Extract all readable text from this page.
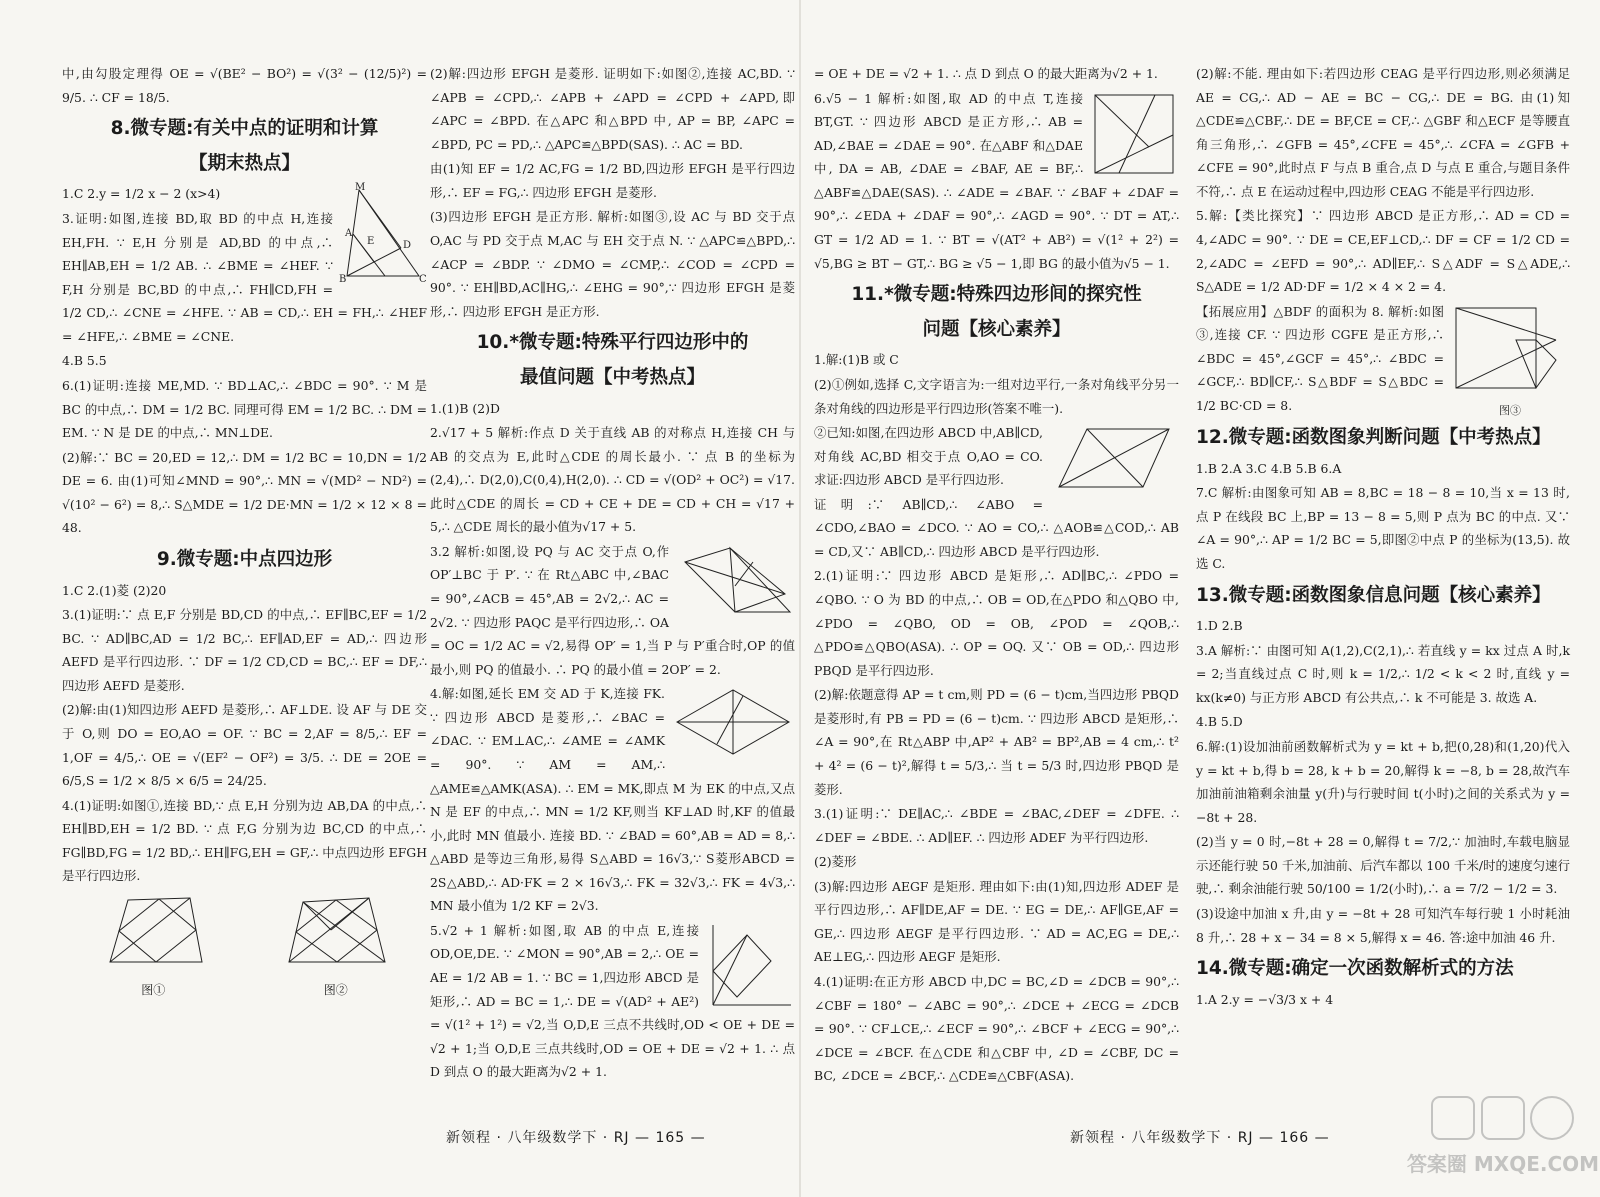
中,由勾股定理得 OE = √(BE² − BO²) = √(3² − (12/5)²) = 9/5. ∴ CF = 18/5.
8.微专题:有关中点的证明和计算
【期末热点】
M
B	C
D
A
E
1.C 2.y = 1/2 x − 2 (x>4)
3.证明:如图,连接 BD,取 BD 的中点 H,连接 EH,FH. ∵ E,H 分别是 AD,BD 的中点,∴ EH∥AB,EH = 1/2 AB. ∴ ∠BME = ∠HEF. ∵ F,H 分别是 BC,BD 的中点,∴ FH∥CD,FH = 1/2 CD,∴ ∠CNE = ∠HFE. ∵ AB = CD,∴ EH = FH,∴ ∠HEF = ∠HFE,∴ ∠BME = ∠CNE.
4.B 5.5
6.(1)证明:连接 ME,MD. ∵ BD⊥AC,∴ ∠BDC = 90°. ∵ M 是 BC 的中点,∴ DM = 1/2 BC. 同理可得 EM = 1/2 BC. ∴ DM = EM. ∵ N 是 DE 的中点,∴ MN⊥DE.
(2)解:∵ BC = 20,ED = 12,∴ DM = 1/2 BC = 10,DN = 1/2 DE = 6. 由(1)可知∠MND = 90°,∴ MN = √(MD² − ND²) = √(10² − 6²) = 8,∴ S△MDE = 1/2 DE·MN = 1/2 × 12 × 8 = 48.
9.微专题:中点四边形
1.C 2.(1)菱 (2)20
3.(1)证明:∵ 点 E,F 分别是 BD,CD 的中点,∴ EF∥BC,EF = 1/2 BC. ∵ AD∥BC,AD = 1/2 BC,∴ EF∥AD,EF = AD,∴ 四边形 AEFD 是平行四边形. ∵ DF = 1/2 CD,CD = BC,∴ EF = DF,∴ 四边形 AEFD 是菱形.
(2)解:由(1)知四边形 AEFD 是菱形,∴ AF⊥DE. 设 AF 与 DE 交于 O,则 DO = EO,AO = OF. ∵ BC = 2,AF = 8/5,∴ EF = 1,OF = 4/5,∴ OE = √(EF² − OF²) = 3/5. ∴ DE = 2OE = 6/5,S = 1/2 × 8/5 × 6/5 = 24/25.
4.(1)证明:如图①,连接 BD,∵ 点 E,H 分别为边 AB,DA 的中点,∴ EH∥BD,EH = 1/2 BD. ∵ 点 F,G 分别为边 BC,CD 的中点,∴ FG∥BD,FG = 1/2 BD,∴ EH∥FG,EH = GF,∴ 中点四边形 EFGH 是平行四边形.
图①	图②
(2)解:四边形 EFGH 是菱形. 证明如下:如图②,连接 AC,BD. ∵ ∠APB = ∠CPD,∴ ∠APB + ∠APD = ∠CPD + ∠APD,即∠APC = ∠BPD. 在△APC 和△BPD 中, AP = BP, ∠APC = ∠BPD, PC = PD,∴ △APC≌△BPD(SAS). ∴ AC = BD.
由(1)知 EF = 1/2 AC,FG = 1/2 BD,四边形 EFGH 是平行四边形,∴ EF = FG,∴ 四边形 EFGH 是菱形.
(3)四边形 EFGH 是正方形. 解析:如图③,设 AC 与 BD 交于点 O,AC 与 PD 交于点 M,AC 与 EH 交于点 N. ∵ △APC≌△BPD,∴ ∠ACP = ∠BDP. ∵ ∠DMO = ∠CMP,∴ ∠COD = ∠CPD = 90°. ∵ EH∥BD,AC∥HG,∴ ∠EHG = 90°,∵ 四边形 EFGH 是菱形,∴ 四边形 EFGH 是正方形.
10.*微专题:特殊平行四边形中的
最值问题【中考热点】
1.(1)B (2)D
2.√17 + 5 解析:作点 D 关于直线 AB 的对称点 H,连接 CH 与 AB 的交点为 E,此时△CDE 的周长最小. ∵ 点 B 的坐标为(2,4),∴ D(2,0),C(0,4),H(2,0). ∴ CD = √(OD² + OC²) = √17. 此时△CDE 的周长 = CD + CE + DE = CD + CH = √17 + 5,∴ △CDE 周长的最小值为√17 + 5.
3.2 解析:如图,设 PQ 与 AC 交于点 O,作 OP′⊥BC 于 P′. ∵ 在 Rt△ABC 中,∠BAC = 90°,∠ACB = 45°,AB = 2√2,∴ AC = 2√2. ∵ 四边形 PAQC 是平行四边形,∴ OA = OC = 1/2 AC = √2,易得 OP′ = 1,当 P 与 P′重合时,OP 的值最小,则 PQ 的值最小. ∴ PQ 的最小值 = 2OP′ = 2.
4.解:如图,延长 EM 交 AD 于 K,连接 FK. ∵ 四边形 ABCD 是菱形,∴ ∠BAC = ∠DAC. ∵ EM⊥AC,∴ ∠AME = ∠AMK = 90°. ∵ AM = AM,∴ △AME≌△AMK(ASA). ∴ EM = MK,即点 M 为 EK 的中点,又点 N 是 EF 的中点,∴ MN = 1/2 KF,则当 KF⊥AD 时,KF 的值最小,此时 MN 值最小. 连接 BD. ∵ ∠BAD = 60°,AB = AD = 8,∴ △ABD 是等边三角形,易得 S△ABD = 16√3,∵ S菱形ABCD = 2S△ABD,∴ AD·FK = 2 × 16√3,∴ FK = 32√3,∴ FK = 4√3,∴ MN 最小值为 1/2 KF = 2√3.
5.√2 + 1 解析:如图,取 AB 的中点 E,连接 OD,OE,DE. ∵ ∠MON = 90°,AB = 2,∴ OE = AE = 1/2 AB = 1. ∵ BC = 1,四边形 ABCD 是矩形,∴ AD = BC = 1,∴ DE = √(AD² + AE²) = √(1² + 1²) = √2,当 O,D,E 三点不共线时,OD < OE + DE = √2 + 1;当 O,D,E 三点共线时,OD = OE + DE = √2 + 1. ∴ 点 D 到点 O 的最大距离为√2 + 1.
新领程 · 八年级数学下 · RJ — 165 —
= OE + DE = √2 + 1. ∴ 点 D 到点 O 的最大距离为√2 + 1.
6.√5 − 1 解析:如图,取 AD 的中点 T,连接 BT,GT. ∵ 四边形 ABCD 是正方形,∴ AB = AD,∠BAE = ∠DAE = 90°. 在△ABF 和△DAE 中, DA = AB, ∠DAE = ∠BAF, AE = BF,∴ △ABF≌△DAE(SAS). ∴ ∠ADE = ∠BAF. ∵ ∠BAF + ∠DAF = 90°,∴ ∠EDA + ∠DAF = 90°,∴ ∠AGD = 90°. ∵ DT = AT,∴ GT = 1/2 AD = 1. ∵ BT = √(AT² + AB²) = √(1² + 2²) = √5,BG ≥ BT − GT,∴ BG ≥ √5 − 1,即 BG 的最小值为√5 − 1.
11.*微专题:特殊四边形间的探究性
问题【核心素养】
1.解:(1)B 或 C
(2)①例如,选择 C,文字语言为:一组对边平行,一条对角线平分另一条对角线的四边形是平行四边形(答案不唯一).
②已知:如图,在四边形 ABCD 中,AB∥CD,对角线 AC,BD 相交于点 O,AO = CO. 求证:四边形 ABCD 是平行四边形.
证明:∵ AB∥CD,∴ ∠ABO = ∠CDO,∠BAO = ∠DCO. ∵ AO = CO,∴ △AOB≌△COD,∴ AB = CD,又∵ AB∥CD,∴ 四边形 ABCD 是平行四边形.
2.(1)证明:∵ 四边形 ABCD 是矩形,∴ AD∥BC,∴ ∠PDO = ∠QBO. ∵ O 为 BD 的中点,∴ OB = OD,在△PDO 和△QBO 中, ∠PDO = ∠QBO, OD = OB, ∠POD = ∠QOB,∴ △PDO≌△QBO(ASA). ∴ OP = OQ. 又∵ OB = OD,∴ 四边形 PBQD 是平行四边形.
(2)解:依题意得 AP = t cm,则 PD = (6 − t)cm,当四边形 PBQD 是菱形时,有 PB = PD = (6 − t)cm. ∵ 四边形 ABCD 是矩形,∴ ∠A = 90°,在 Rt△ABP 中,AP² + AB² = BP²,AB = 4 cm,∴ t² + 4² = (6 − t)²,解得 t = 5/3,∴ 当 t = 5/3 时,四边形 PBQD 是菱形.
3.(1)证明:∵ DE∥AC,∴ ∠BDE = ∠BAC,∠DEF = ∠DFE. ∴ ∠DEF = ∠BDE. ∴ AD∥EF. ∴ 四边形 ADEF 为平行四边形.
(2)菱形
(3)解:四边形 AEGF 是矩形. 理由如下:由(1)知,四边形 ADEF 是平行四边形,∴ AF∥DE,AF = DE. ∵ EG = DE,∴ AF∥GE,AF = GE,∴ 四边形 AEGF 是平行四边形. ∵ AD = AC,EG = DE,∴ AE⊥EG,∴ 四边形 AEGF 是矩形.
4.(1)证明:在正方形 ABCD 中,DC = BC,∠D = ∠DCB = 90°,∴ ∠CBF = 180° − ∠ABC = 90°,∴ ∠DCE + ∠ECG = ∠DCB = 90°. ∵ CF⊥CE,∴ ∠ECF = 90°,∴ ∠BCF + ∠ECG = 90°,∴ ∠DCE = ∠BCF. 在△CDE 和△CBF 中, ∠D = ∠CBF, DC = BC, ∠DCE = ∠BCF,∴ △CDE≌△CBF(ASA).
(2)解:不能. 理由如下:若四边形 CEAG 是平行四边形,则必须满足 AE = CG,∴ AD − AE = BC − CG,∴ DE = BG. 由(1)知△CDE≌△CBF,∴ DE = BF,CE = CF,∴ △GBF 和△ECF 是等腰直角三角形,∴ ∠GFB = 45°,∠CFE = 45°,∴ ∠CFA = ∠GFB + ∠CFE = 90°,此时点 F 与点 B 重合,点 D 与点 E 重合,与题目条件不符,∴ 点 E 在运动过程中,四边形 CEAG 不能是平行四边形.
5.解:【类比探究】∵ 四边形 ABCD 是正方形,∴ AD = CD = 4,∠ADC = 90°. ∵ DE = CE,EF⊥CD,∴ DF = CF = 1/2 CD = 2,∠ADC = ∠EFD = 90°,∴ AD∥EF,∴ S△ADF = S△ADE,∴ S△ADE = 1/2 AD·DF = 1/2 × 4 × 2 = 4.
图③
【拓展应用】△BDF 的面积为 8. 解析:如图③,连接 CF. ∵ 四边形 CGFE 是正方形,∴ ∠BDC = 45°,∠GCF = 45°,∴ ∠BDC = ∠GCF,∴ BD∥CF,∴ S△BDF = S△BDC = 1/2 BC·CD = 8.
12.微专题:函数图象判断问题【中考热点】
1.B 2.A 3.C 4.B 5.B 6.A
7.C 解析:由图象可知 AB = 8,BC = 18 − 8 = 10,当 x = 13 时,点 P 在线段 BC 上,BP = 13 − 8 = 5,则 P 点为 BC 的中点. 又∵ ∠A = 90°,∴ AP = 1/2 BC = 5,即图②中点 P 的坐标为(13,5). 故选 C.
13.微专题:函数图象信息问题【核心素养】
1.D 2.B
3.A 解析:∵ 由图可知 A(1,2),C(2,1),∴ 若直线 y = kx 过点 A 时,k = 2;当直线过点 C 时,则 k = 1/2,∴ 1/2 < k < 2 时,直线 y = kx(k≠0) 与正方形 ABCD 有公共点,∴ k 不可能是 3. 故选 A.
4.B 5.D
6.解:(1)设加油前函数解析式为 y = kt + b,把(0,28)和(1,20)代入 y = kt + b,得 b = 28, k + b = 20,解得 k = −8, b = 28,故汽车加油前油箱剩余油量 y(升)与行驶时间 t(小时)之间的关系式为 y = −8t + 28.
(2)当 y = 0 时,−8t + 28 = 0,解得 t = 7/2,∵ 加油时,车载电脑显示还能行驶 50 千米,加油前、后汽车都以 100 千米/时的速度匀速行驶,∴ 剩余油能行驶 50/100 = 1/2(小时),∴ a = 7/2 − 1/2 = 3.
(3)设途中加油 x 升,由 y = −8t + 28 可知汽车每行驶 1 小时耗油 8 升,∴ 28 + x − 34 = 8 × 5,解得 x = 46. 答:途中加油 46 升.
14.微专题:确定一次函数解析式的方法
1.A 2.y = −√3/3 x + 4
新领程 · 八年级数学下 · RJ — 166 —
答案圈 MXQE.COM
